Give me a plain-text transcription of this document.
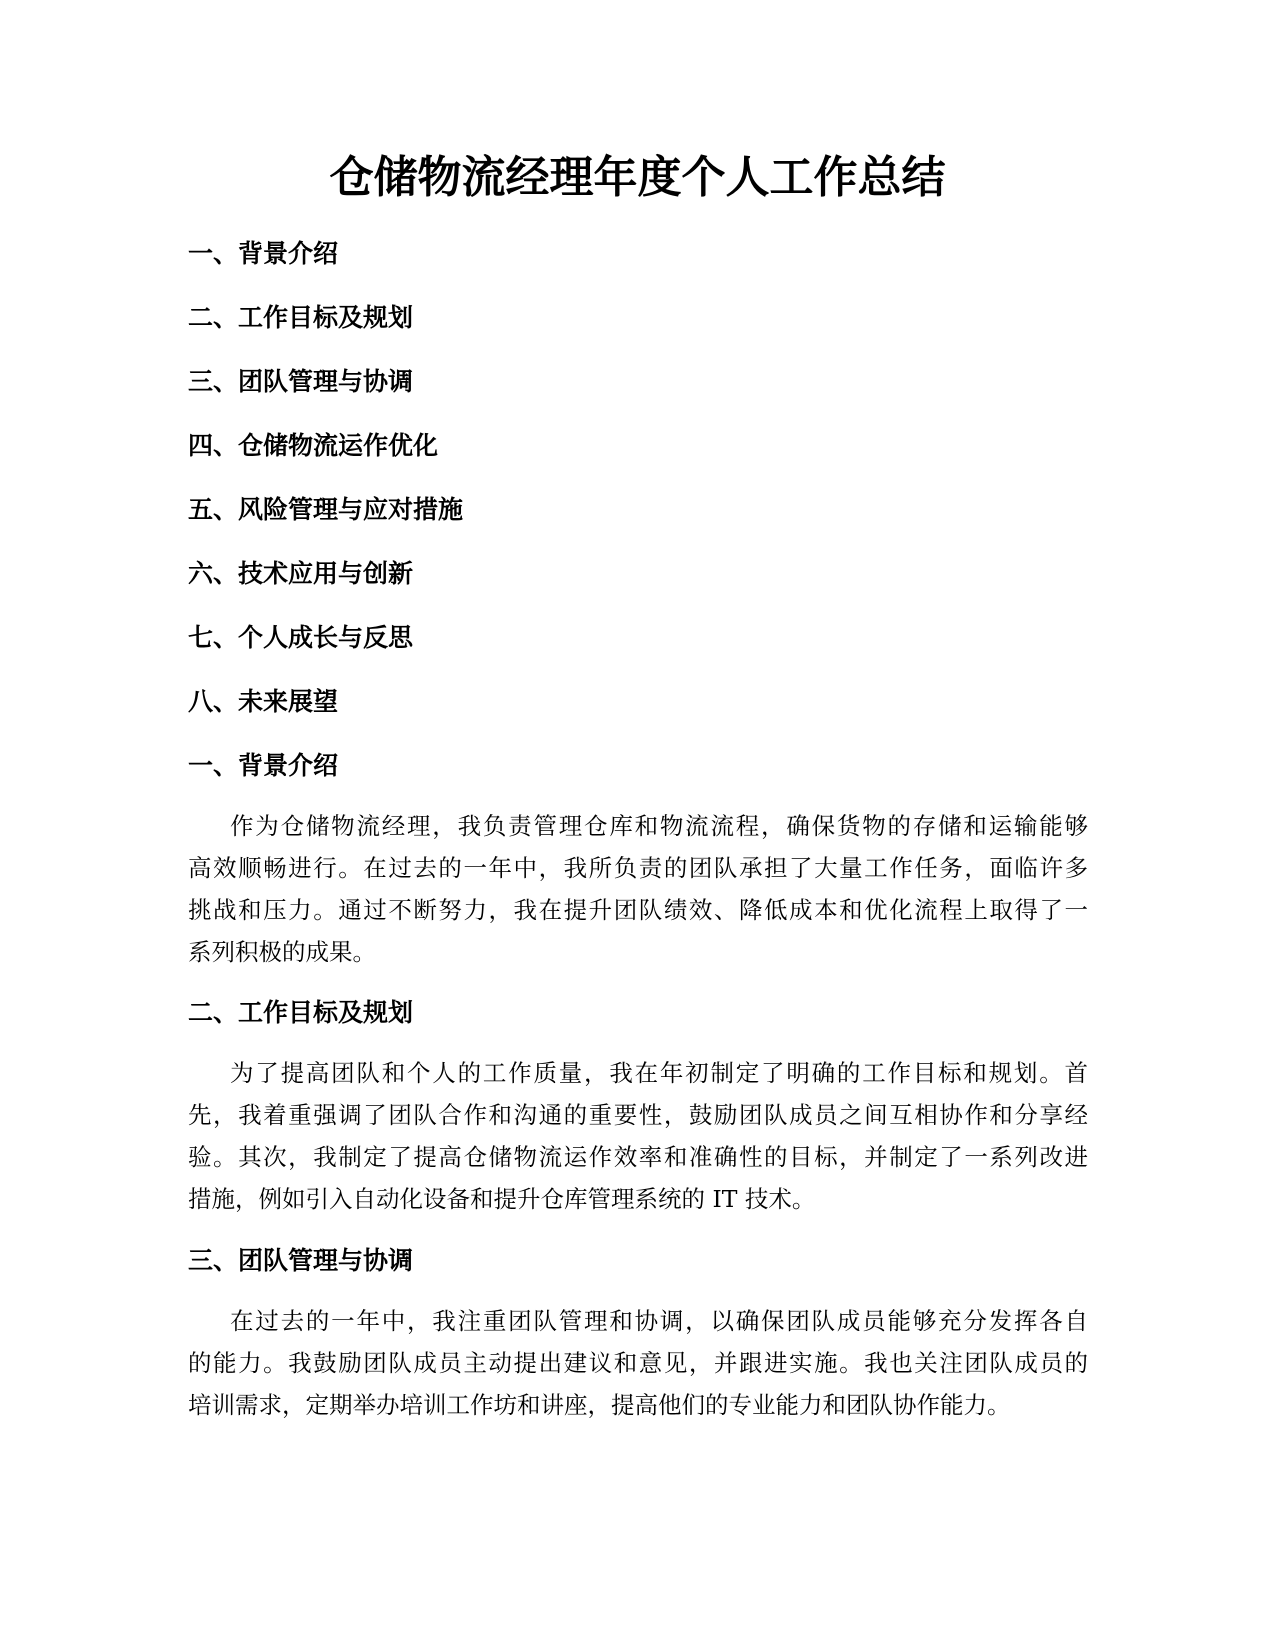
仓储物流经理年度个人工作总结

一、背景介绍

二、工作目标及规划

三、团队管理与协调

四、仓储物流运作优化

五、风险管理与应对措施

六、技术应用与创新

七、个人成长与反思

八、未来展望

一、背景介绍
作为仓储物流经理，我负责管理仓库和物流流程，确保货物的存储和运输能够
高效顺畅进行。在过去的一年中，我所负责的团队承担了大量工作任务，面临许多
挑战和压力。通过不断努力，我在提升团队绩效、降低成本和优化流程上取得了一
系列积极的成果。
二、工作目标及规划
为了提高团队和个人的工作质量，我在年初制定了明确的工作目标和规划。首
先，我着重强调了团队合作和沟通的重要性，鼓励团队成员之间互相协作和分享经
验。其次，我制定了提高仓储物流运作效率和准确性的目标，并制定了一系列改进
措施，例如引入自动化设备和提升仓库管理系统的 IT 技术。
三、团队管理与协调
在过去的一年中，我注重团队管理和协调，以确保团队成员能够充分发挥各自
的能力。我鼓励团队成员主动提出建议和意见，并跟进实施。我也关注团队成员的
培训需求，定期举办培训工作坊和讲座，提高他们的专业能力和团队协作能力。
